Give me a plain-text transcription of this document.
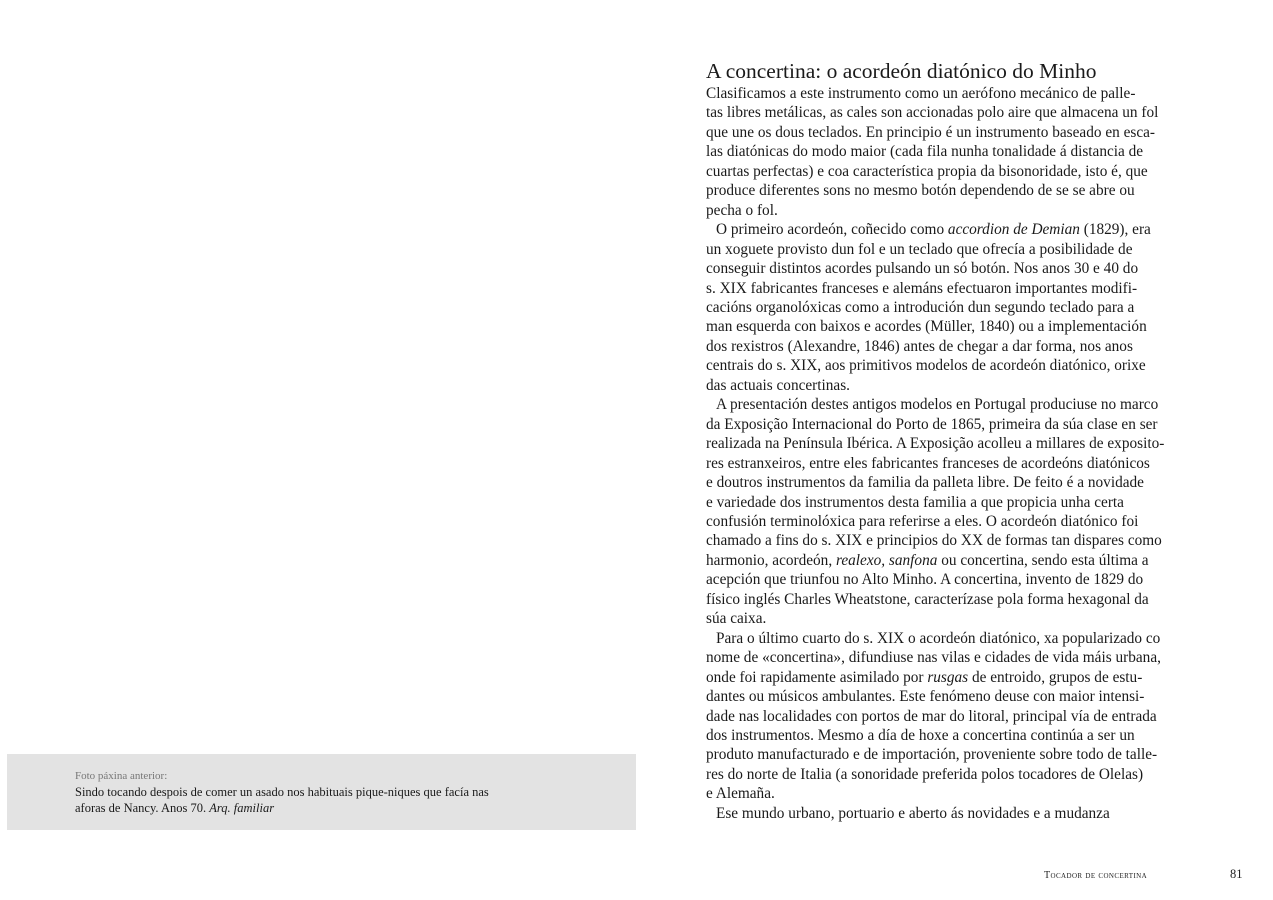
Foto páxina anterior:
Sindo tocando despois de comer un asado nos habituais pique-niques que facía nas
aforas de Nancy. Anos 70. Arq. familiar
A concertina: o acordeón diatónico do Minho
Clasificamos a este instrumento como un aerófono mecánico de palle-
tas libres metálicas, as cales son accionadas polo aire que almacena un fol
que une os dous teclados. En principio é un instrumento baseado en esca-
las diatónicas do modo maior (cada fila nunha tonalidade á distancia de
cuartas perfectas) e coa característica propia da bisonoridade, isto é, que
produce diferentes sons no mesmo botón dependendo de se se abre ou
pecha o fol.
O primeiro acordeón, coñecido como accordion de Demian (1829), era
un xoguete provisto dun fol e un teclado que ofrecía a posibilidade de
conseguir distintos acordes pulsando un só botón. Nos anos 30 e 40 do
s. XIX fabricantes franceses e alemáns efectuaron importantes modifi-
cacións organolóxicas como a introdución dun segundo teclado para a
man esquerda con baixos e acordes (Müller, 1840) ou a implementación
dos rexistros (Alexandre, 1846) antes de chegar a dar forma, nos anos
centrais do s. XIX, aos primitivos modelos de acordeón diatónico, orixe
das actuais concertinas.
A presentación destes antigos modelos en Portugal produciuse no marco
da Exposição Internacional do Porto de 1865, primeira da súa clase en ser
realizada na Península Ibérica. A Exposição acolleu a millares de exposito-
res estranxeiros, entre eles fabricantes franceses de acordeóns diatónicos
e doutros instrumentos da familia da palleta libre. De feito é a novidade
e variedade dos instrumentos desta familia a que propicia unha certa
confusión terminolóxica para referirse a eles. O acordeón diatónico foi
chamado a fins do s. XIX e principios do XX de formas tan dispares como
harmonio, acordeón, realexo, sanfona ou concertina, sendo esta última a
acepción que triunfou no Alto Minho. A concertina, invento de 1829 do
físico inglés Charles Wheatstone, caracterízase pola forma hexagonal da
súa caixa.
Para o último cuarto do s. XIX o acordeón diatónico, xa popularizado co
nome de «concertina», difundiuse nas vilas e cidades de vida máis urbana,
onde foi rapidamente asimilado por rusgas de entroido, grupos de estu-
dantes ou músicos ambulantes. Este fenómeno deuse con maior intensi-
dade nas localidades con portos de mar do litoral, principal vía de entrada
dos instrumentos. Mesmo a día de hoxe a concertina continúa a ser un
produto manufacturado e de importación, proveniente sobre todo de talle-
res do norte de Italia (a sonoridade preferida polos tocadores de Olelas)
e Alemaña.
Ese mundo urbano, portuario e aberto ás novidades e a mudanza
Tocador de concertina	81
